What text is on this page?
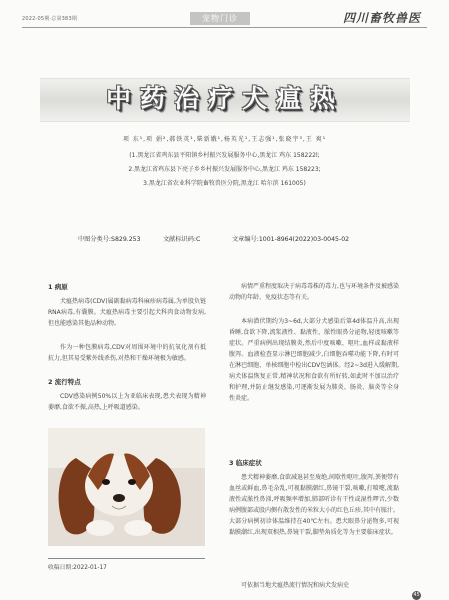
2022-05期·总第383期	宠物门诊	四川畜牧兽医
中药治疗犬瘟热
项 东¹,项 娟²,郝铁英¹,柴新娥¹,杨英光¹,王志强¹,张晓宇³,王 爽¹
(1.黑龙江省鸡东县平阳镇乡村振兴发展服务中心,黑龙江 鸡东 158222l;
2.黑龙江省鸡东县下亮子乡乡村振兴发展服务中心,黑龙江 鸡东 158223;
3.黑龙江省农业科学院畜牧兽医分院,黑龙江 哈尔滨 161005)
中图分类号:S829.253	文献标识码:C	文章编号:1001-8964(2022)03-0045-02
1 病原

犬瘟热病毒(CDV)属副黏病毒科麻疹病毒属,为单股负链RNA病毒,有囊膜。犬瘟热病毒主要引起犬科肉食动物发病,但也能感染其他品种动物。

作为一种包膜病毒,CDV对周围环境中的抗氧化剂有抵抗力,但其易受紫外线杀伤,对热和干燥环境极为敏感。

2 流行特点

CDV感染病例50%以上为亚临床表现,患犬表现为精神萎靡,食欲不振,高热,上呼吸道感染。

收稿日期:2022-01-17

病情严重程度取决于病毒毒株的毒力,也与环境条件及被感染动物的年龄、免疫状态等有关。

本病潜伏期约为3~6d,大部分犬感染后第4d体温升高,出现昏睡,食欲下降,流浆液性、黏液性、脓性眼鼻分泌物,轻度咳嗽等症状。严重病例出现结膜炎,然后中度咳嗽、呕吐,血样或黏液样腹泻。血液检查显示淋巴细胞减少,白细胞吞噬功能下降,有时可在淋巴细胞、单核细胞中检出CDV包涵体。经2~3d进入缓解期,病犬体温恢复正常,精神状况和食欲有所好转,如此时不加以治疗和护理,并防止继发感染,可逐渐发展为肺炎、肠炎、脑炎等全身性炎症。

3 临床症状

患犬精神萎靡,食欲减退甚至废绝,间歇性呕吐,腹泻,粪便带有血丝或鲜血,鼻毛杂乱,可视黏膜潮红,鼻镜干裂,咳嗽,打喷嚏,流黏液性或脓性鼻涕,呼吸频率增加,肺部听诊有干性或湿性啰音,少数病例腹部或股内侧有散发性的米粒大小的红色丘疹,其中有脓汁。大部分病例初诊体温维持在40℃左右。患犬眼鼻分泌物多,可视黏膜潮红,出现双相热,鼻镜干裂,脚垫角质化等为主要临床症状。

可依据当地犬瘟热流行情况和病犬发病史

45
